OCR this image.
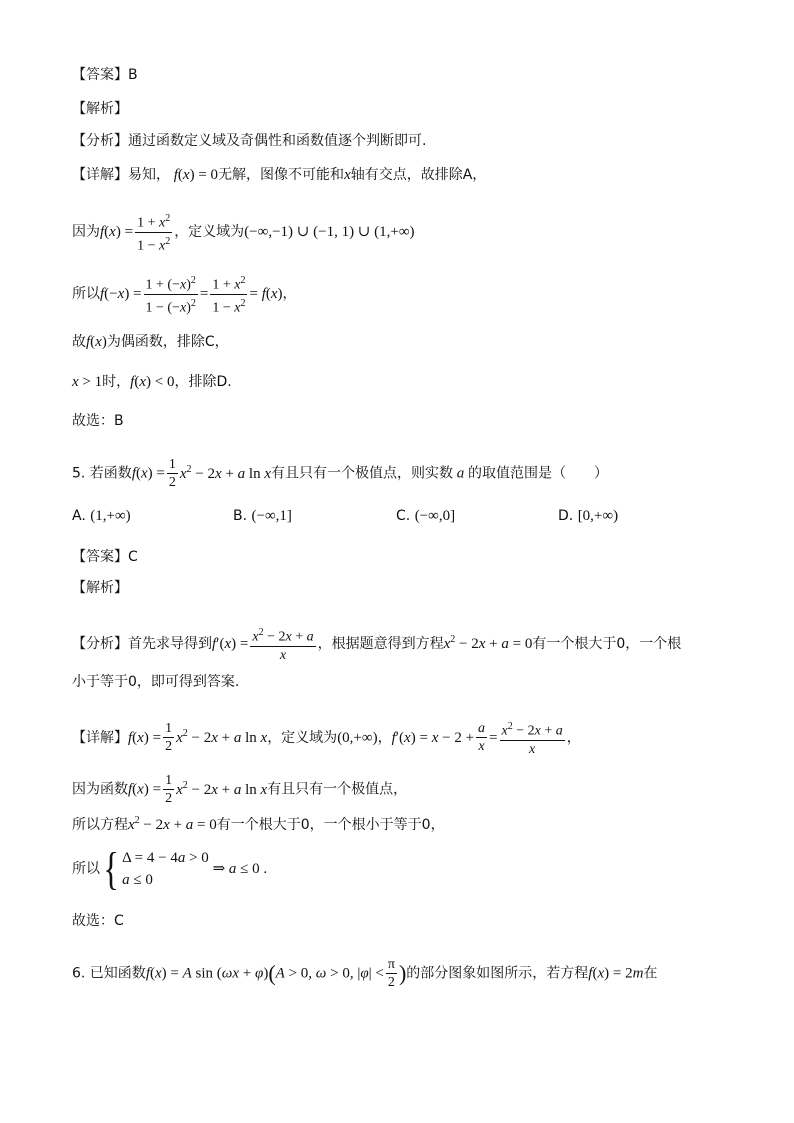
【答案】B
【解析】
【分析】通过函数定义域及奇偶性和函数值逐个判断即可.
【详解】易知， f(x) = 0无解，图像不可能和x轴有交点，故排除A，
因为$f(x) = \frac{1 + x^2}{1 - x^2}$ ，定义域为(−∞,−1) ∪ (−1, 1) ∪ (1,+∞)
所以$f(-x) = \frac{1 + (-x)^2}{1 - (-x)^2} = \frac{1 + x^2}{1 - x^2} = f(x)$，
故f(x)为偶函数，排除C，
x > 1时，f(x) < 0，排除D.
故选：B
5. 若函数$f(x) = \frac{1}{2} x^2 - 2x + a$ ln x有且只有一个极值点，则实数 a 的取值范围是（　　）
A. (1,+∞)	B. (−∞,1]	C. (−∞,0]	D. [0,+∞)
【答案】C
【解析】
【分析】首先求导得到$f'(x) = \frac{x^2 - 2x + a}{x}$ ，根据题意得到方程$x^2 - 2x + a = 0$有一个根大于0，一个根
小于等于0，即可得到答案.
【详解】$f(x) = \frac{1}{2} x^2 - 2x + a$ ln x，定义域为(0,+∞)，$f'(x) = x - 2 + \frac{a}{x} = \frac{x^2 - 2x + a}{x}$ ，
因为函数$f(x) = \frac{1}{2} x^2 - 2x + a$ ln x有且只有一个极值点，
所以方程$x^2 - 2x + a = 0$有一个根大于0，一个根小于等于0，
所以{ Δ = 4 − 4a > 0
a ≤ 0
⇒ a ≤ 0 .
故选：C
6. 已知函数f(x) = A sin (ωx + φ)(A > 0, ω > 0, $|\varphi| < \frac{\pi}{2}$ )的部分图象如图所示，若方程f(x) = 2m在
